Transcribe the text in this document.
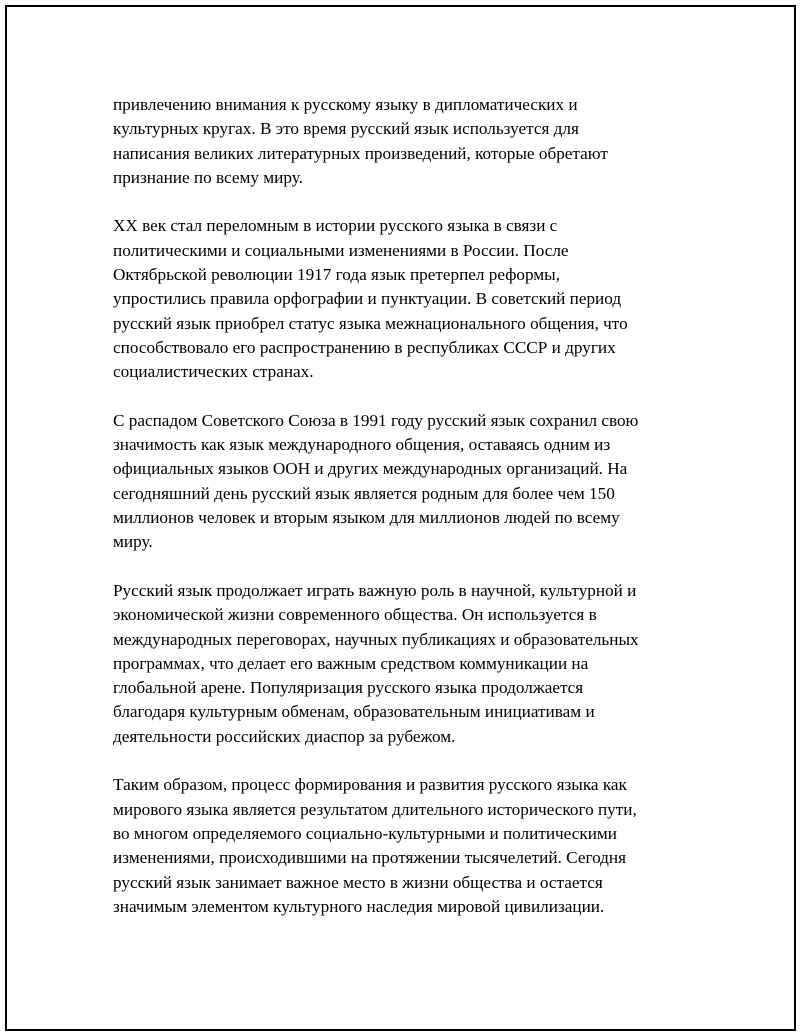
привлечению внимания к русскому языку в дипломатических и
культурных кругах. В это время русский язык используется для
написания великих литературных произведений, которые обретают
признание по всему миру.

XX век стал переломным в истории русского языка в связи с
политическими и социальными изменениями в России. После
Октябрьской революции 1917 года язык претерпел реформы,
упростились правила орфографии и пунктуации. В советский период
русский язык приобрел статус языка межнационального общения, что
способствовало его распространению в республиках СССР и других
социалистических странах.

С распадом Советского Союза в 1991 году русский язык сохранил свою
значимость как язык международного общения, оставаясь одним из
официальных языков ООН и других международных организаций. На
сегодняшний день русский язык является родным для более чем 150
миллионов человек и вторым языком для миллионов людей по всему
миру.

Русский язык продолжает играть важную роль в научной, культурной и
экономической жизни современного общества. Он используется в
международных переговорах, научных публикациях и образовательных
программах, что делает его важным средством коммуникации на
глобальной арене. Популяризация русского языка продолжается
благодаря культурным обменам, образовательным инициативам и
деятельности российских диаспор за рубежом.

Таким образом, процесс формирования и развития русского языка как
мирового языка является результатом длительного исторического пути,
во многом определяемого социально-культурными и политическими
изменениями, происходившими на протяжении тысячелетий. Сегодня
русский язык занимает важное место в жизни общества и остается
значимым элементом культурного наследия мировой цивилизации.
